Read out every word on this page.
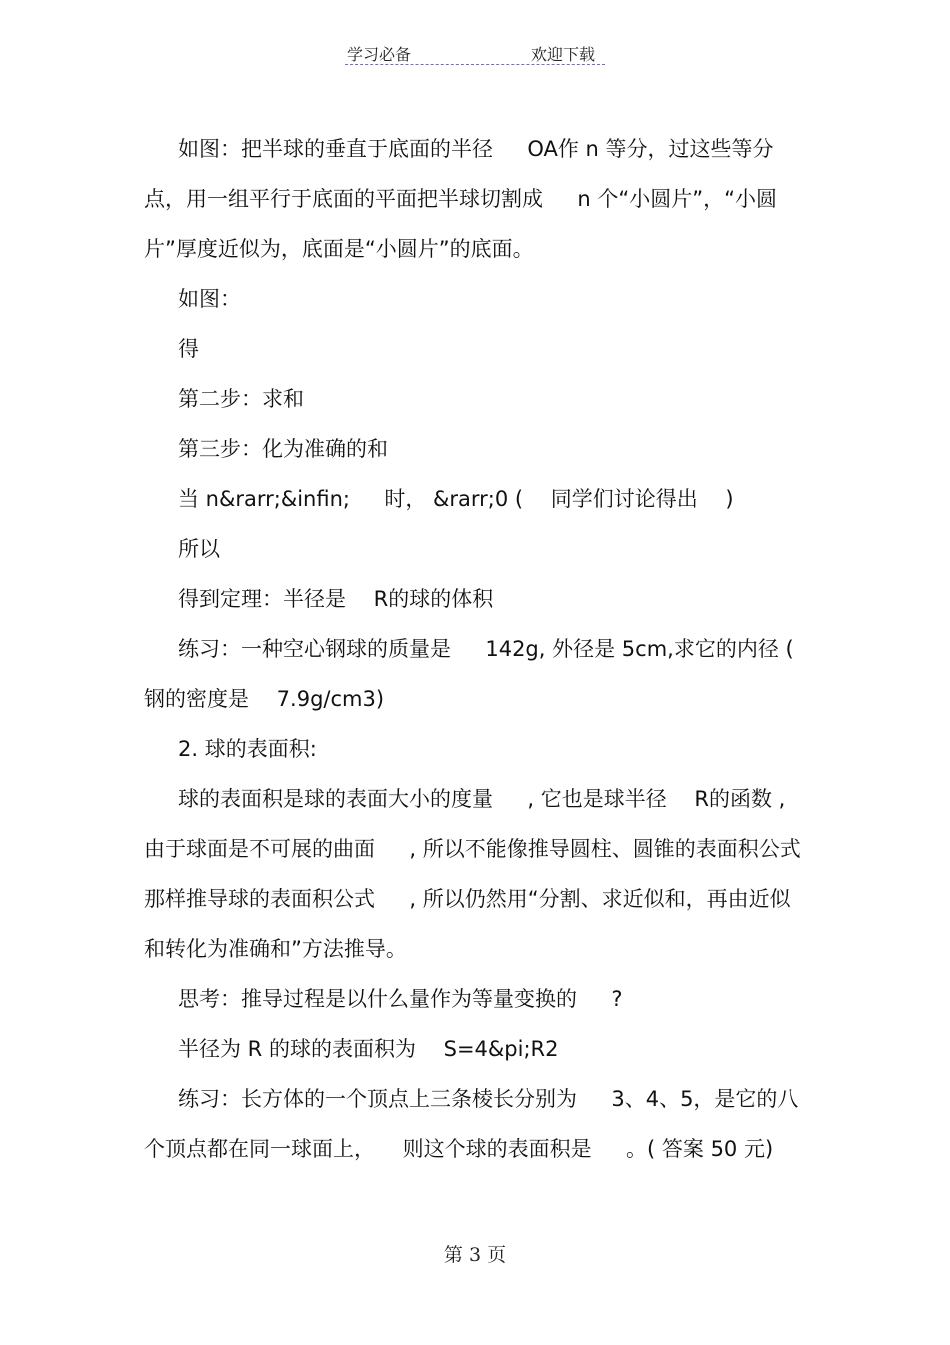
学习必备	欢迎下载

如图：把半球的垂直于底面的半径 　 OA作 n 等分，过这些等分点，用一组平行于底面的平面把半球切割成 　 n 个“小圆片”，“小圆片”厚度近似为，底面是“小圆片”的底面。

如图：

得

第二步：求和

第三步：化为准确的和

当 n&rarr;&infin; 　 时， &rarr;0 ( 　同学们讨论得出 　)

所以

得到定理：半径是 　R的球的体积

练习：一种空心钢球的质量是 　 142g, 外径是 5cm,求它的内径 ( 钢的密度是 　7.9g/cm3)

2. 球的表面积:

球的表面积是球的表面大小的度量 　 , 它也是球半径 　R的函数 , 由于球面是不可展的曲面 　 , 所以不能像推导圆柱、圆锥的表面积公式那样推导球的表面积公式 　 , 所以仍然用“分割、求近似和，再由近似和转化为准确和”方法推导。

思考：推导过程是以什么量作为等量变换的 　 ?

半径为 R 的球的表面积为 　S=4&pi;R2

练习：长方体的一个顶点上三条棱长分别为 　 3、4、5，是它的八个顶点都在同一球面上， 　则这个球的表面积是 　 。( 答案 50 元)

第 3 页
